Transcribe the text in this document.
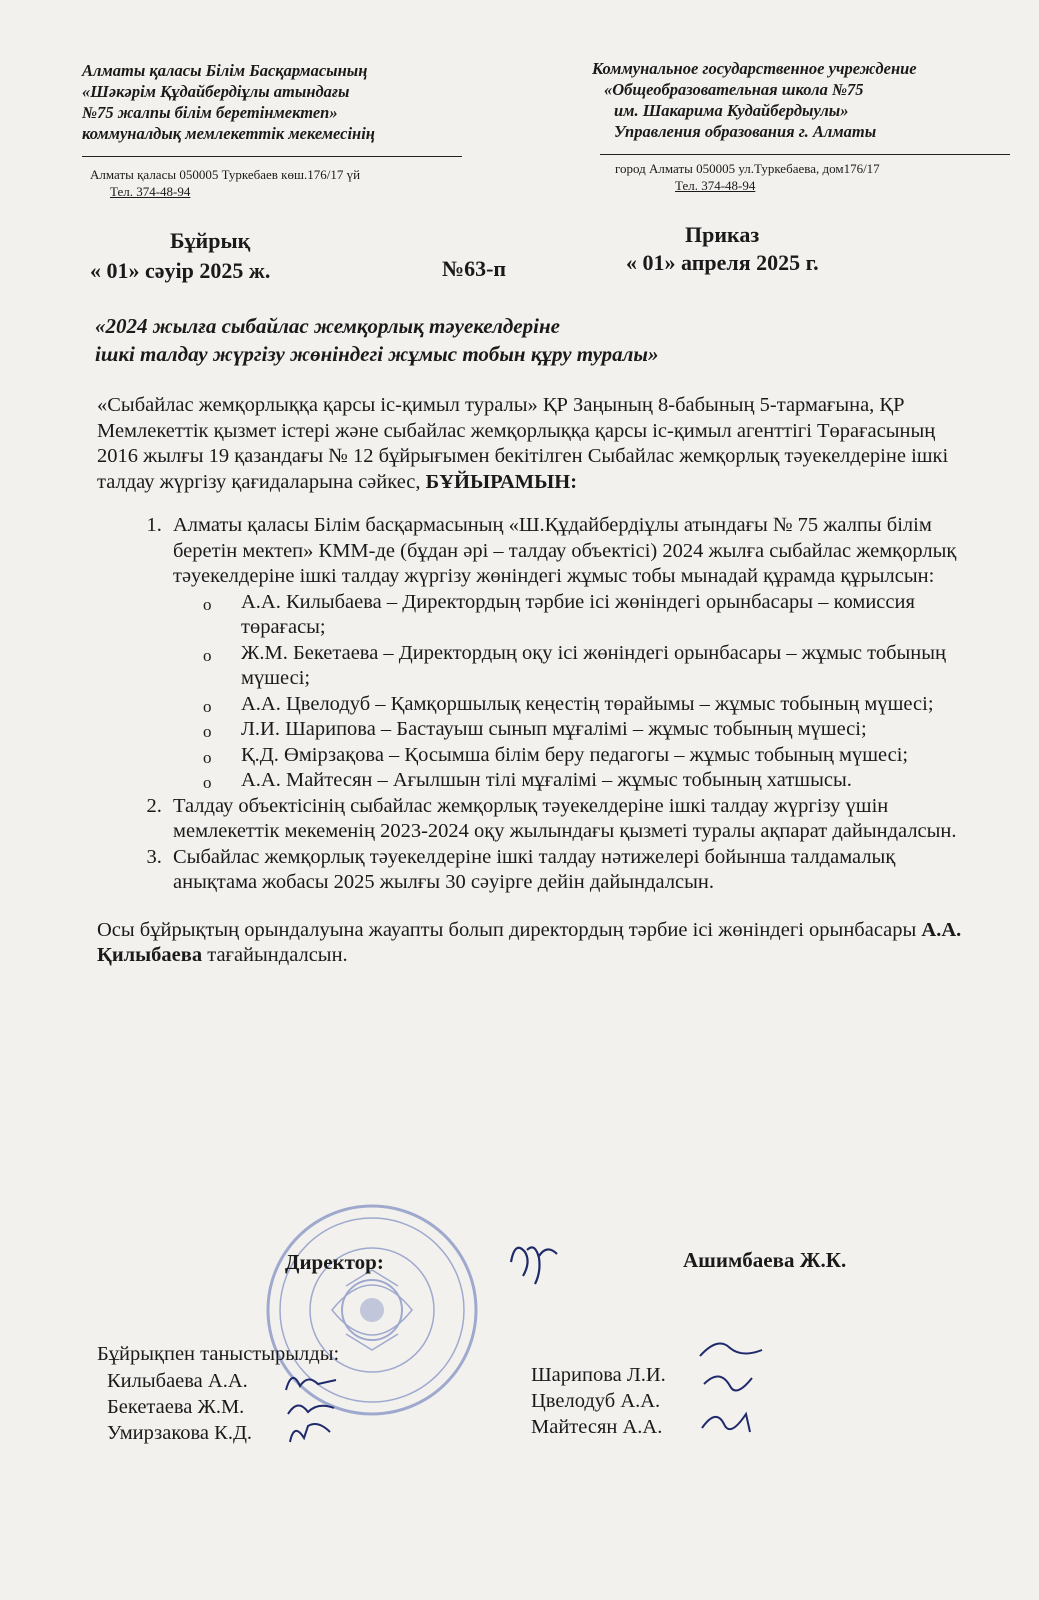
Алматы қаласы Білім Басқармасының
«Шәкәрім Құдайбердіұлы атындағы
№75 жалпы білім беретінмектеп»
коммуналдық мемлекеттік мекемесінің
Коммунальное государственное учреждение
«Общеобразовательная школа №75
им. Шакарима Кудайбердыулы»
Управления образования г. Алматы
Алматы қаласы 050005 Туркебаев көш.176/17 үй
Тел. 374-48-94
город Алматы 050005 ул.Туркебаева, дом176/17
Тел. 374-48-94
Бұйрық	Приказ
« 01» сәуір 2025 ж.	№63-п	« 01» апреля 2025 г.
«2024 жылға сыбайлас жемқорлық тәуекелдеріне
ішкі талдау жүргізу жөніндегі жұмыс тобын құру туралы»

«Сыбайлас жемқорлыққа қарсы іс-қимыл туралы» ҚР Заңының 8-бабының 5-тармағына, ҚР Мемлекеттік қызмет істері және сыбайлас жемқорлыққа қарсы іс-қимыл агенттігі Төрағасының 2016 жылғы 19 қазандағы № 12 бұйрығымен бекітілген Сыбайлас жемқорлық тәуекелдеріне ішкі талдау жүргізу қағидаларына сәйкес, БҰЙЫРАМЫН:

1. Алматы қаласы Білім басқармасының «Ш.Құдайбердіұлы атындағы № 75 жалпы білім беретін мектеп» КММ-де (бұдан әрі – талдау объектісі) 2024 жылға сыбайлас жемқорлық тәуекелдеріне ішкі талдау жүргізу жөніндегі жұмыс тобы мынадай құрамда құрылсын:
o А.А. Килыбаева – Директордың тәрбие ісі жөніндегі орынбасары – комиссия төрағасы;
o Ж.М. Бекетаева – Директордың оқу ісі жөніндегі орынбасары – жұмыс тобының мүшесі;
o А.А. Цвелодуб – Қамқоршылық кеңестің төрайымы – жұмыс тобының мүшесі;
o Л.И. Шарипова – Бастауыш сынып мұғалімі – жұмыс тобының мүшесі;
o Қ.Д. Өмірзақова – Қосымша білім беру педагогы – жұмыс тобының мүшесі;
o А.А. Майтесян – Ағылшын тілі мұғалімі – жұмыс тобының хатшысы.
2. Талдау объектісінің сыбайлас жемқорлық тәуекелдеріне ішкі талдау жүргізу үшін мемлекеттік мекеменің 2023-2024 оқу жылындағы қызметі туралы ақпарат дайындалсын.
3. Сыбайлас жемқорлық тәуекелдеріне ішкі талдау нәтижелері бойынша талдамалық анықтама жобасы 2025 жылғы 30 сәуірге дейін дайындалсын.

Осы бұйрықтың орындалуына жауапты болып директордың тәрбие ісі жөніндегі орынбасары А.А. Қилыбаева тағайындалсын.

Директор:	Ашимбаева Ж.К.
Бұйрықпен таныстырылды:
Килыбаева А.А.
Бекетаева Ж.М.
Умирзакова К.Д.
Шарипова Л.И.
Цвелодуб А.А.
Майтесян А.А.
